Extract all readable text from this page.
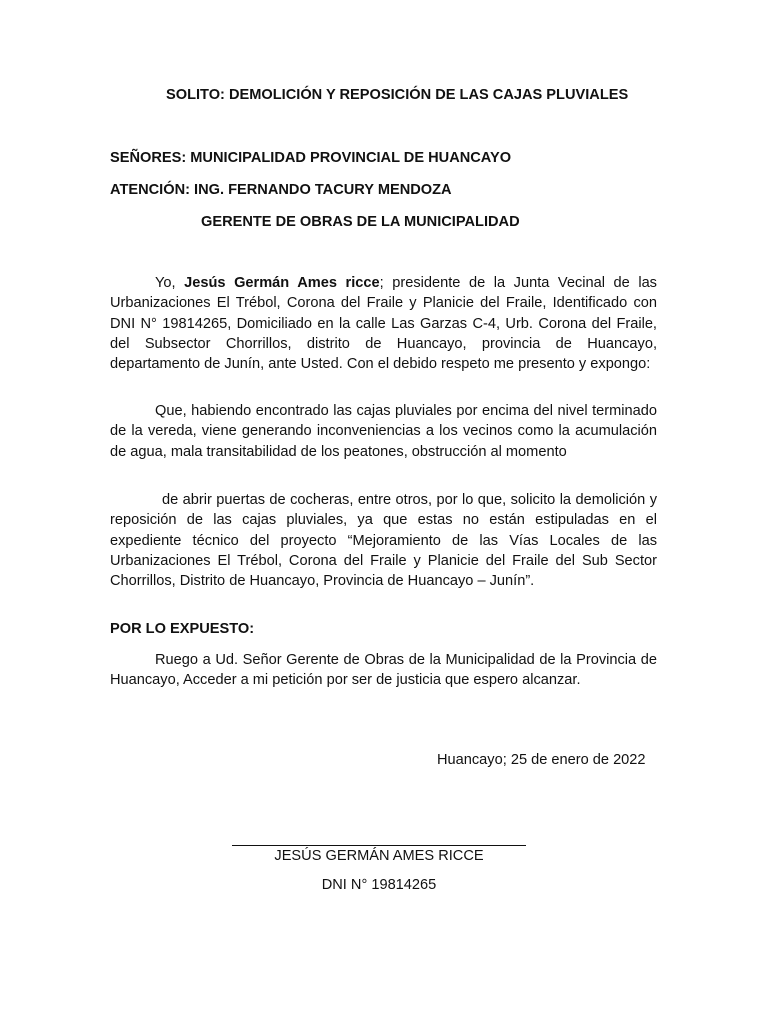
SOLITO: DEMOLICIÓN Y REPOSICIÓN DE LAS CAJAS PLUVIALES
SEÑORES: MUNICIPALIDAD PROVINCIAL DE HUANCAYO
ATENCIÓN: ING. FERNANDO TACURY MENDOZA
GERENTE DE OBRAS DE LA MUNICIPALIDAD
Yo, Jesús Germán Ames ricce; presidente de la Junta Vecinal de las Urbanizaciones El Trébol, Corona del Fraile y Planicie del Fraile, Identificado con DNI N° 19814265, Domiciliado en la calle Las Garzas C-4, Urb. Corona del Fraile, del Subsector Chorrillos, distrito de Huancayo, provincia de Huancayo, departamento de Junín, ante Usted. Con el debido respeto me presento y expongo:
Que, habiendo encontrado las cajas pluviales por encima del nivel terminado de la vereda, viene generando inconveniencias a los vecinos como la acumulación de agua, mala transitabilidad de los peatones, obstrucción al momento
de abrir puertas de cocheras, entre otros, por lo que, solicito la demolición y reposición de las cajas pluviales, ya que estas no están estipuladas en el expediente técnico del proyecto “Mejoramiento de las Vías Locales de las Urbanizaciones El Trébol, Corona del Fraile y Planicie del Fraile del Sub Sector Chorrillos, Distrito de Huancayo, Provincia de Huancayo – Junín”.
POR LO EXPUESTO:
Ruego a Ud. Señor Gerente de Obras de la Municipalidad de la Provincia de Huancayo, Acceder a mi petición por ser de justicia que espero alcanzar.
Huancayo; 25 de enero de 2022
JESÚS GERMÁN AMES RICCE
DNI N° 19814265
